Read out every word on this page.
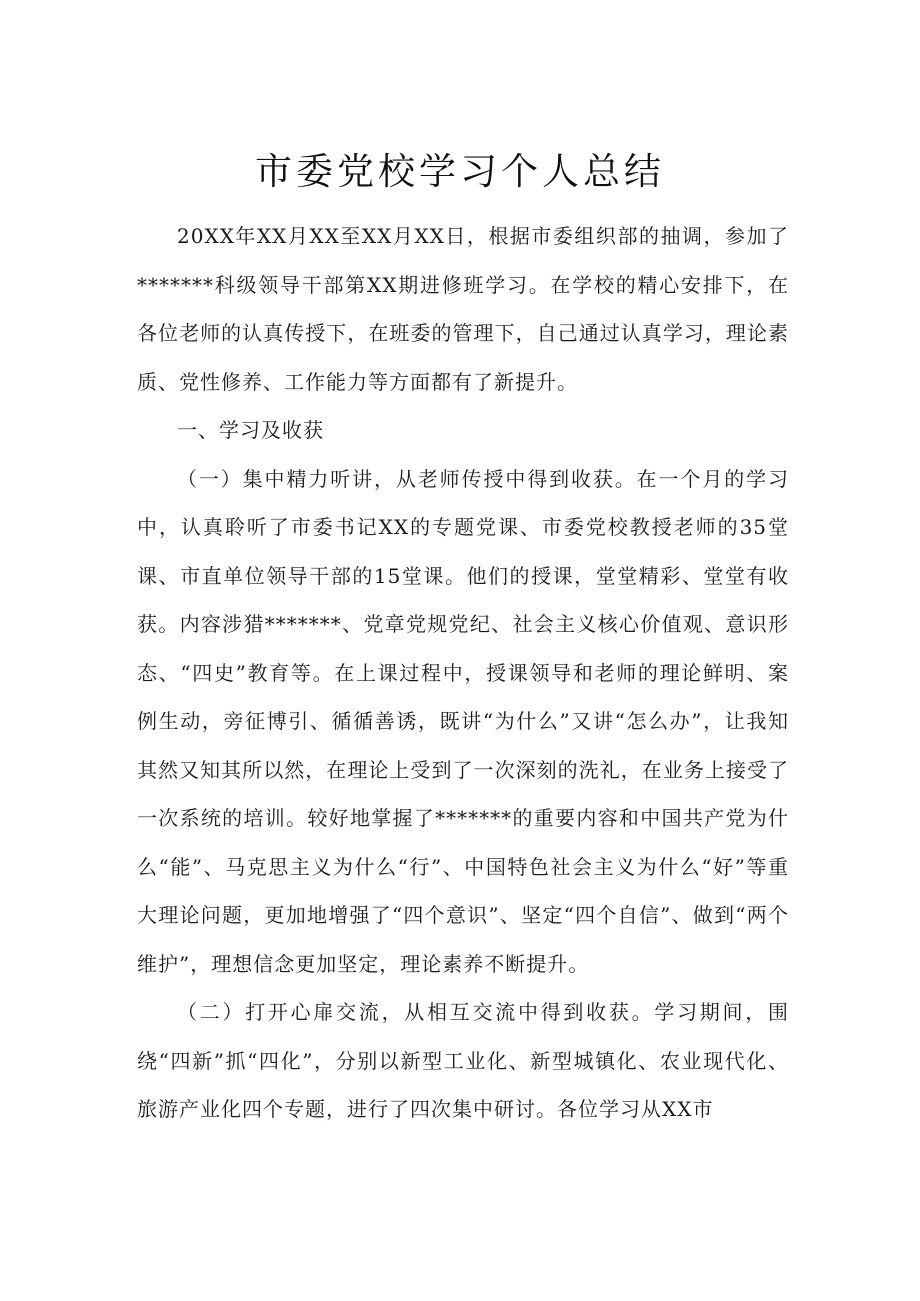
市委党校学习个人总结

20XX年XX月XX至XX月XX日，根据市委组织部的抽调，参加了*******科级领导干部第XX期进修班学习。在学校的精心安排下，在各位老师的认真传授下，在班委的管理下，自己通过认真学习，理论素质、党性修养、工作能力等方面都有了新提升。

一、学习及收获

（一）集中精力听讲，从老师传授中得到收获。在一个月的学习中，认真聆听了市委书记XX的专题党课、市委党校教授老师的35堂课、市直单位领导干部的15堂课。他们的授课，堂堂精彩、堂堂有收获。内容涉猎*******、党章党规党纪、社会主义核心价值观、意识形态、“四史”教育等。在上课过程中，授课领导和老师的理论鲜明、案例生动，旁征博引、循循善诱，既讲“为什么”又讲“怎么办”，让我知其然又知其所以然，在理论上受到了一次深刻的洗礼，在业务上接受了一次系统的培训。较好地掌握了*******的重要内容和中国共产党为什么“能”、马克思主义为什么“行”、中国特色社会主义为什么“好”等重大理论问题，更加地增强了“四个意识”、坚定“四个自信”、做到“两个维护”，理想信念更加坚定，理论素养不断提升。

（二）打开心扉交流，从相互交流中得到收获。学习期间，围绕“四新”抓“四化”，分别以新型工业化、新型城镇化、农业现代化、旅游产业化四个专题，进行了四次集中研讨。各位学习从XX市
